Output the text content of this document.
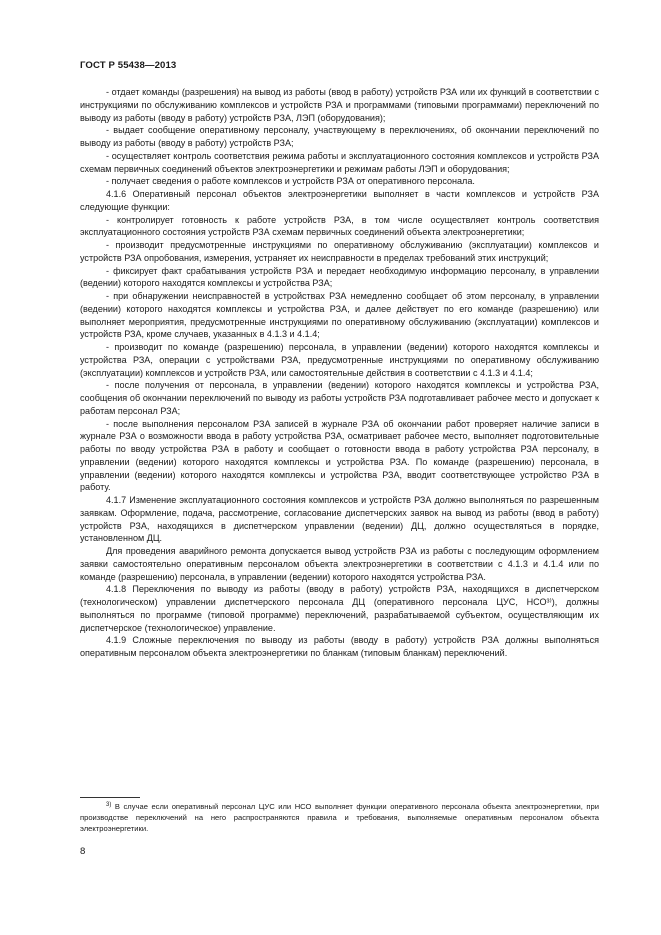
ГОСТ Р 55438—2013

- отдает команды (разрешения) на вывод из работы (ввод в работу) устройств РЗА или их функций в соответствии с инструкциями по обслуживанию комплексов и устройств РЗА и программами (типовыми программами) переключений по выводу из работы (вводу в работу) устройств РЗА, ЛЭП (оборудования);

- выдает сообщение оперативному персоналу, участвующему в переключениях, об окончании переключений по выводу из работы (вводу в работу) устройств РЗА;

- осуществляет контроль соответствия режима работы и эксплуатационного состояния комплексов и устройств РЗА схемам первичных соединений объектов электроэнергетики и режимам работы ЛЭП и оборудования;

- получает сведения о работе комплексов и устройств РЗА от оперативного персонала.

4.1.6 Оперативный персонал объектов электроэнергетики выполняет в части комплексов и устройств РЗА следующие функции:

- контролирует готовность к работе устройств РЗА, в том числе осуществляет контроль соответствия эксплуатационного состояния устройств РЗА схемам первичных соединений объекта электроэнергетики;

- производит предусмотренные инструкциями по оперативному обслуживанию (эксплуатации) комплексов и устройств РЗА опробования, измерения, устраняет их неисправности в пределах требований этих инструкций;

- фиксирует факт срабатывания устройств РЗА и передает необходимую информацию персоналу, в управлении (ведении) которого находятся комплексы и устройства РЗА;

- при обнаружении неисправностей в устройствах РЗА немедленно сообщает об этом персоналу, в управлении (ведении) которого находятся комплексы и устройства РЗА, и далее действует по его команде (разрешению) или выполняет мероприятия, предусмотренные инструкциями по оперативному обслуживанию (эксплуатации) комплексов и устройств РЗА, кроме случаев, указанных в 4.1.3 и 4.1.4;

- производит по команде (разрешению) персонала, в управлении (ведении) которого находятся комплексы и устройства РЗА, операции с устройствами РЗА, предусмотренные инструкциями по оперативному обслуживанию (эксплуатации) комплексов и устройств РЗА, или самостоятельные действия в соответствии с 4.1.3 и 4.1.4;

- после получения от персонала, в управлении (ведении) которого находятся комплексы и устройства РЗА, сообщения об окончании переключений по выводу из работы устройств РЗА подготавливает рабочее место и допускает к работам персонал РЗА;

- после выполнения персоналом РЗА записей в журнале РЗА об окончании работ проверяет наличие записи в журнале РЗА о возможности ввода в работу устройства РЗА, осматривает рабочее место, выполняет подготовительные работы по вводу устройства РЗА в работу и сообщает о готовности ввода в работу устройства РЗА персоналу, в управлении (ведении) которого находятся комплексы и устройства РЗА. По команде (разрешению) персонала, в управлении (ведении) которого находятся комплексы и устройства РЗА, вводит соответствующее устройство РЗА в работу.

4.1.7 Изменение эксплуатационного состояния комплексов и устройств РЗА должно выполняться по разрешенным заявкам. Оформление, подача, рассмотрение, согласование диспетчерских заявок на вывод из работы (ввод в работу) устройств РЗА, находящихся в диспетчерском управлении (ведении) ДЦ, должно осуществляться в порядке, установленном ДЦ.

Для проведения аварийного ремонта допускается вывод устройств РЗА из работы с последующим оформлением заявки самостоятельно оперативным персоналом объекта электроэнергетики в соответствии с 4.1.3 и 4.1.4 или по команде (разрешению) персонала, в управлении (ведении) которого находятся устройства РЗА.

4.1.8 Переключения по выводу из работы (вводу в работу) устройств РЗА, находящихся в диспетчерском (технологическом) управлении диспетчерского персонала ДЦ (оперативного персонала ЦУС, НСО³⁾), должны выполняться по программе (типовой программе) переключений, разрабатываемой субъектом, осуществляющим их диспетчерское (технологическое) управление.

4.1.9 Сложные переключения по выводу из работы (вводу в работу) устройств РЗА должны выполняться оперативным персоналом объекта электроэнергетики по бланкам (типовым бланкам) переключений.

$^{3)}$ В случае если оперативный персонал ЦУС или НСО выполняет функции оперативного персонала объекта электроэнергетики, при производстве переключений на него распространяются правила и требования, выполняемые оперативным персоналом объекта электроэнергетики.

8
